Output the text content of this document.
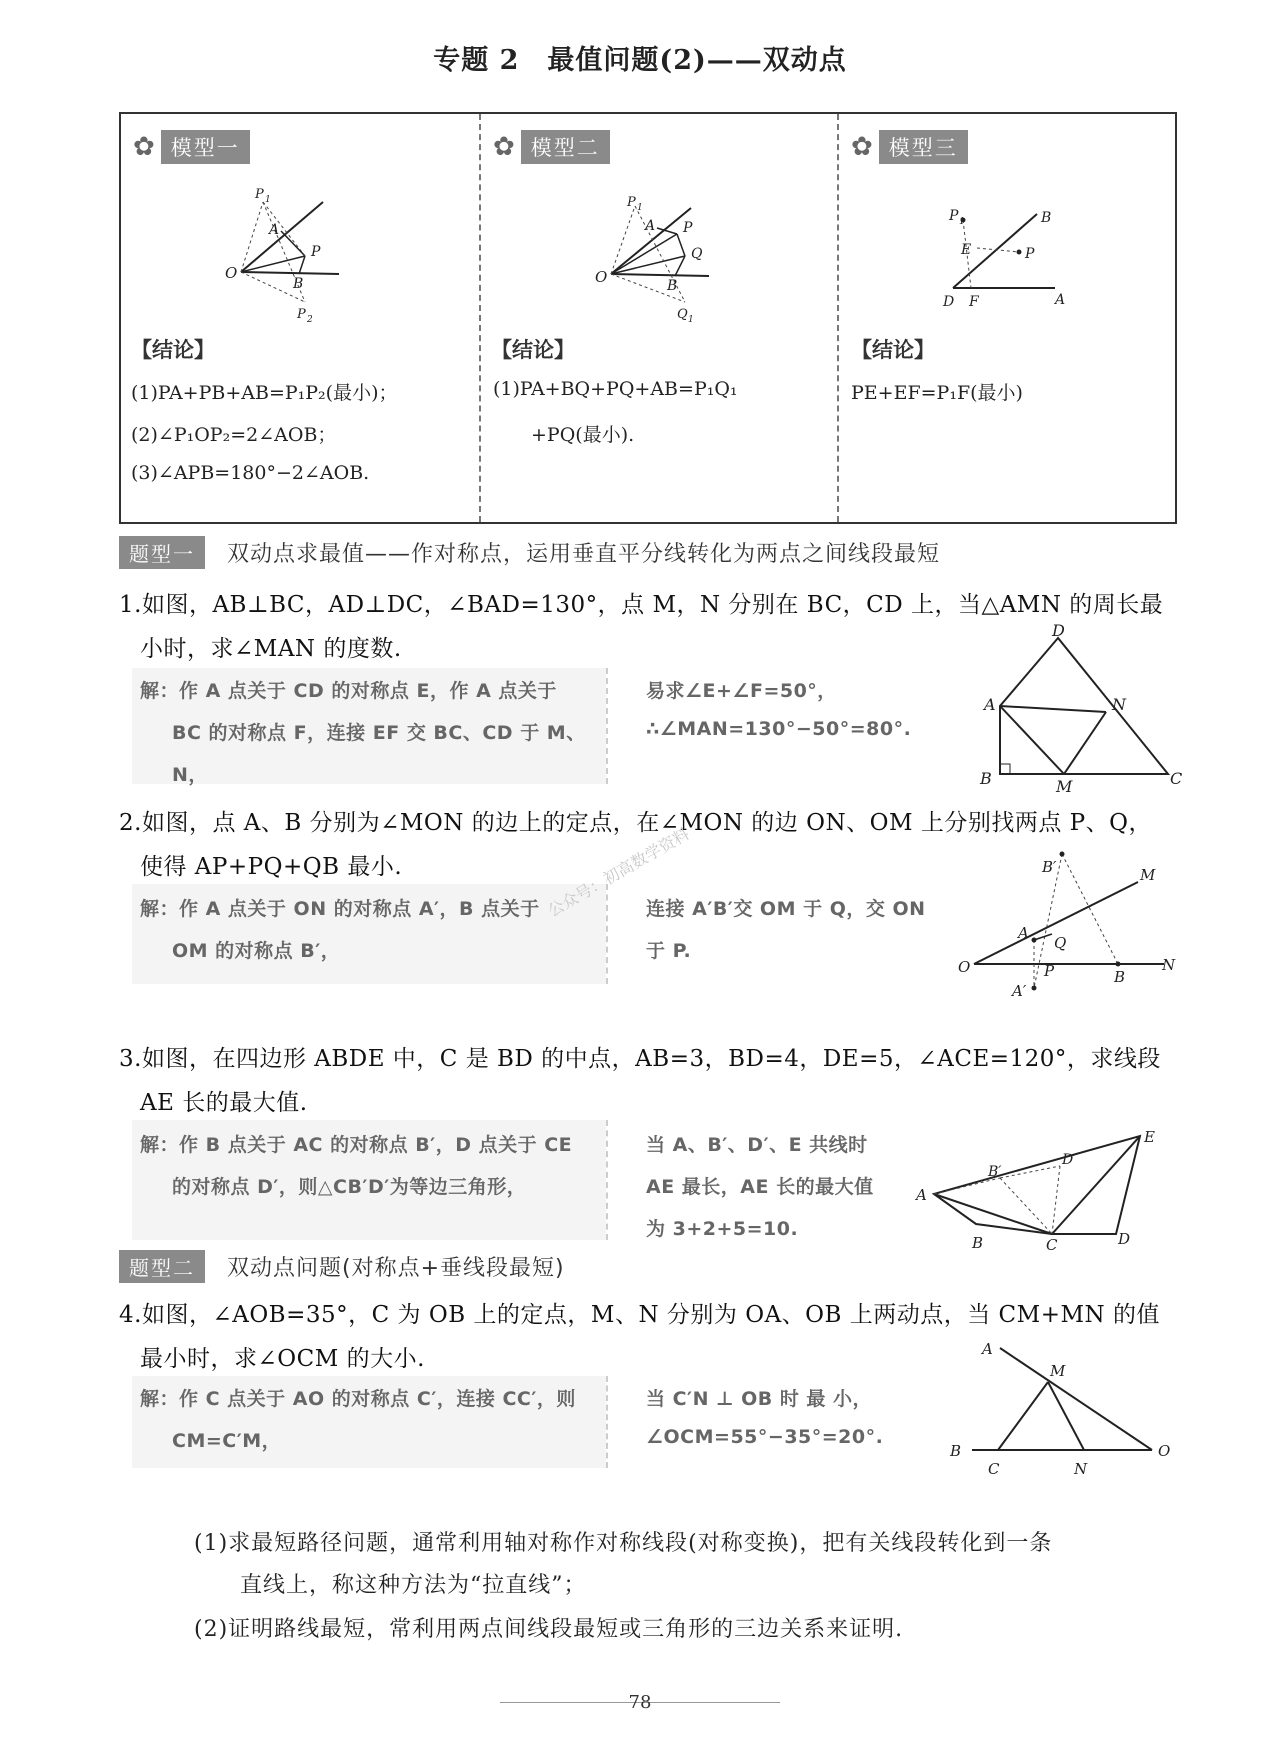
专题 2　最值问题(2)——双动点
✿ 模型一
O
P 1
A
P
B
P 2
【结论】
(1)PA+PB+AB=P₁P₂(最小)；
(2)∠P₁OP₂=2∠AOB；
(3)∠APB=180°−2∠AOB.
✿ 模型二
O
P 1
A P
Q
B
Q 1
【结论】
(1)PA+BQ+PQ+AB=P₁Q₁
+PQ(最小).
✿ 模型三
P 1	B
E	P
D F	A
【结论】
PE+EF=P₁F(最小)
题型一	双动点求最值——作对称点，运用垂直平分线转化为两点之间线段最短
1.如图，AB⊥BC，AD⊥DC，∠BAD=130°，点 M，N 分别在 BC，CD 上，当△AMN 的周长最
小时，求∠MAN 的度数.
解：作 A 点关于 CD 的对称点 E，作 A 点关于
BC 的对称点 F，连接 EF 交 BC、CD 于 M、
N，
易求∠E+∠F=50°，
∴∠MAN=130°−50°=80°.
D
A	N
B	M	C
2.如图，点 A、B 分别为∠MON 的边上的定点，在∠MON 的边 ON、OM 上分别找两点 P、Q，
使得 AP+PQ+QB 最小.
解：作 A 点关于 ON 的对称点 A′，B 点关于
OM 的对称点 B′，
连接 A′B′交 OM 于 Q，交 ON
于 P.
公众号：初高数学资料	B′	M
A
Q
O	P	B
N
A′
3.如图，在四边形 ABDE 中，C 是 BD 的中点，AB=3，BD=4，DE=5，∠ACE=120°，求线段
AE 长的最大值.
解：作 B 点关于 AC 的对称点 B′，D 点关于 CE
的对称点 D′，则△CB′D′为等边三角形，
当 A、B′、D′、E 共线时
AE 最长，AE 长的最大值
为 3+2+5=10.
A
E
B′
D′
B	C	D
题型二	双动点问题(对称点+垂线段最短)
4.如图，∠AOB=35°，C 为 OB 上的定点，M、N 分别为 OA、OB 上两动点，当 CM+MN 的值
最小时，求∠OCM 的大小.
解：作 C 点关于 AO 的对称点 C′，连接 CC′，则
CM=C′M，
当 C′N ⊥ OB 时 最 小，
∠OCM=55°−35°=20°.
A
M
B
C	N
O
(1)求最短路径问题，通常利用轴对称作对称线段(对称变换)，把有关线段转化到一条
直线上，称这种方法为“拉直线”；
(2)证明路线最短，常利用两点间线段最短或三角形的三边关系来证明.
78
